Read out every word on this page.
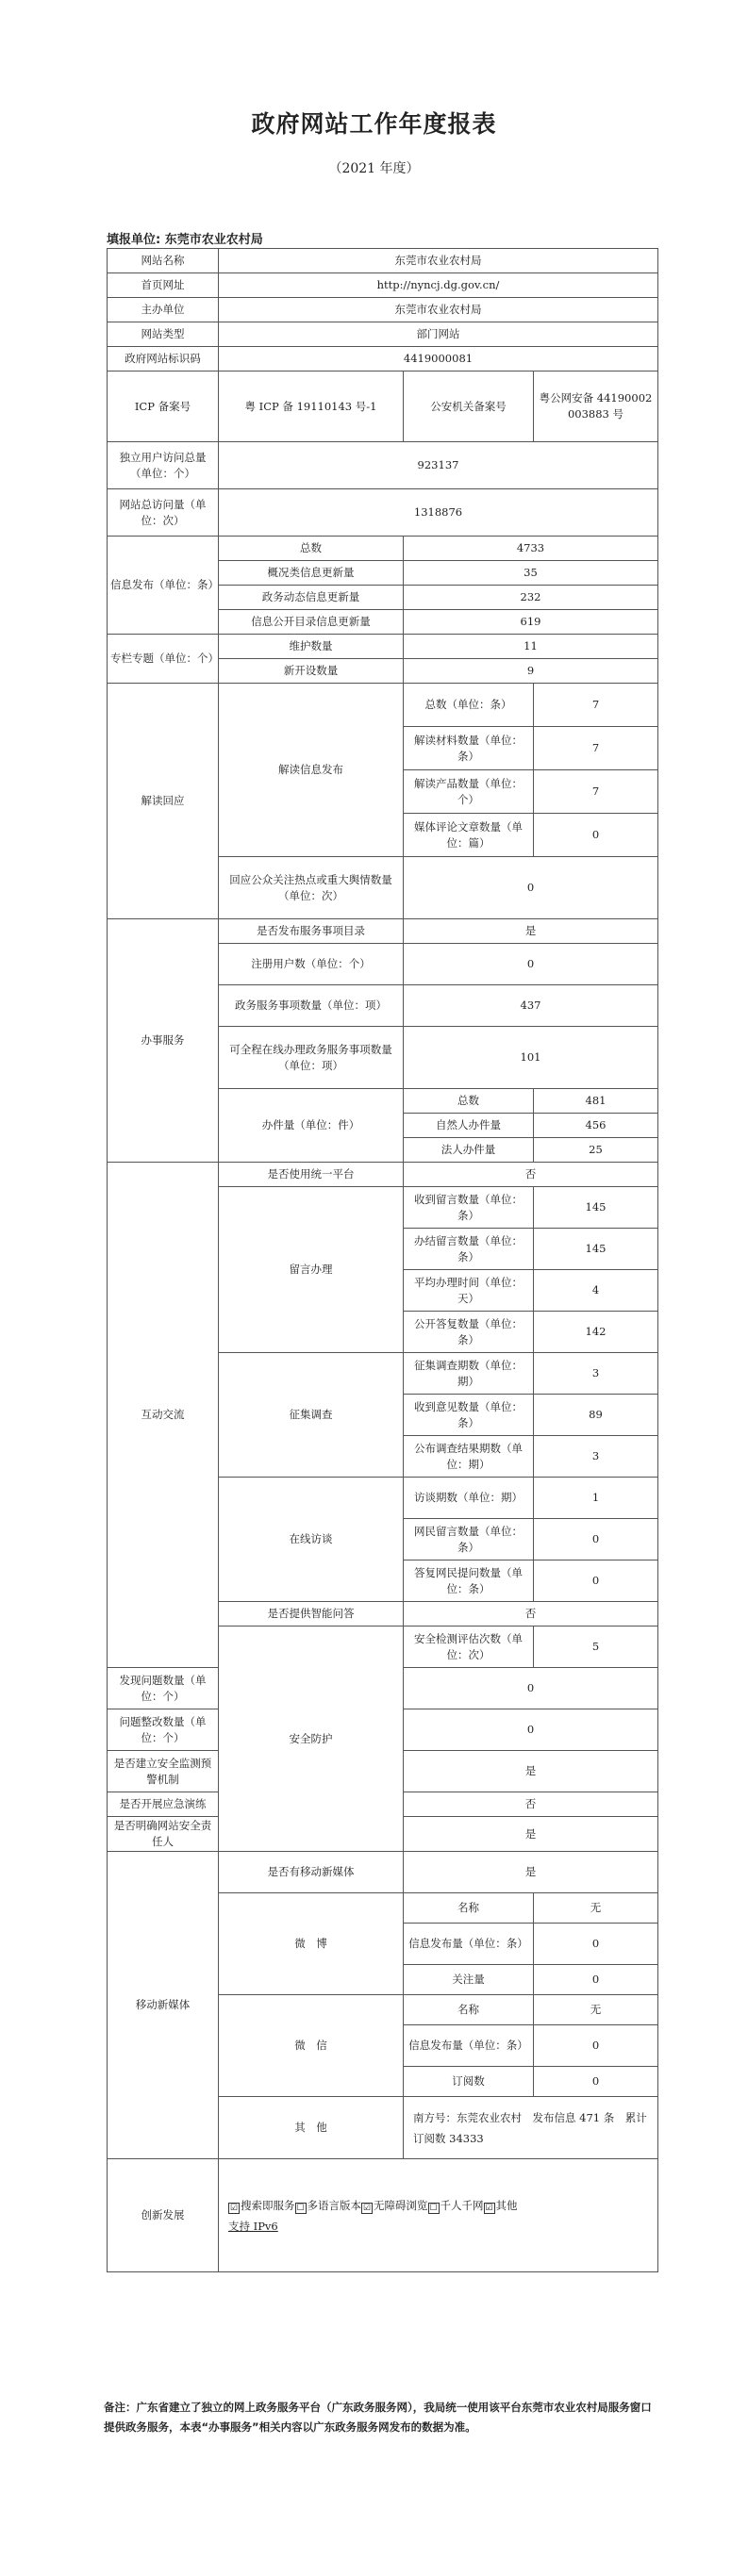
政府网站工作年度报表
（2021 年度）
填报单位: 东莞市农业农村局
网站名称	东莞市农业农村局		
首页网址	http://nyncj.dg.gov.cn/		
主办单位	东莞市农业农村局		
网站类型	部门网站		
政府网站标识码	4419000081		
ICP 备案号	粤 ICP 备 19110143 号-1	公安机关备案号	粤公网安备 44190002003883 号
独立用户访问总量（单位：个）	923137		
网站总访问量（单位：次）	1318876		
信息发布（单位：条）	总数	4733	
	概况类信息更新量	35	
	政务动态信息更新量	232	
	信息公开目录信息更新量	619	
专栏专题（单位：个）	维护数量	11	
	新开设数量	9	
解读回应	解读信息发布	总数（单位：条）	7
		解读材料数量（单位：条）	7
		解读产品数量（单位：个）	7
		媒体评论文章数量（单位：篇）	0
	回应公众关注热点或重大舆情数量（单位：次）	0	
办事服务	是否发布服务事项目录	是	
	注册用户数（单位：个）	0	
	政务服务事项数量（单位：项）	437	
	可全程在线办理政务服务事项数量（单位：项）	101	
	办件量（单位：件）	总数	481
		自然人办件量	456
		法人办件量	25
互动交流	是否使用统一平台	否	
	留言办理	收到留言数量（单位：条）	145
		办结留言数量（单位：条）	145
		平均办理时间（单位：天）	4
		公开答复数量（单位：条）	142
	征集调查	征集调查期数（单位：期）	3
		收到意见数量（单位：条）	89
		公布调查结果期数（单位：期）	3
	在线访谈	访谈期数（单位：期）	1
		网民留言数量（单位：条）	0
		答复网民提问数量（单位：条）	0
	是否提供智能问答	否	
	安全防护	安全检测评估次数（单位：次）	5
发现问题数量（单位：个）		0	
问题整改数量（单位：个）		0	
是否建立安全监测预警机制		是	
是否开展应急演练		否	
是否明确网站安全责任人		是	
移动新媒体	是否有移动新媒体	是	
	微　博	名称	无
		信息发布量（单位：条）	0
		关注量	0
	微　信	名称	无
		信息发布量（单位：条）	0
		订阅数	0
	其　他	南方号：东莞农业农村　发布信息 471 条　累计订阅数 34333	
创新发展	☑ 搜索即服务 ☐ 多语言版本 ☑ 无障碍浏览 ☐ 千人千网 ☑ 其他
支持 IPv6		
备注：广东省建立了独立的网上政务服务平台（广东政务服务网），我局统一使用该平台东莞市农业农村局服务窗口提供政务服务，本表“办事服务”相关内容以广东政务服务网发布的数据为准。
